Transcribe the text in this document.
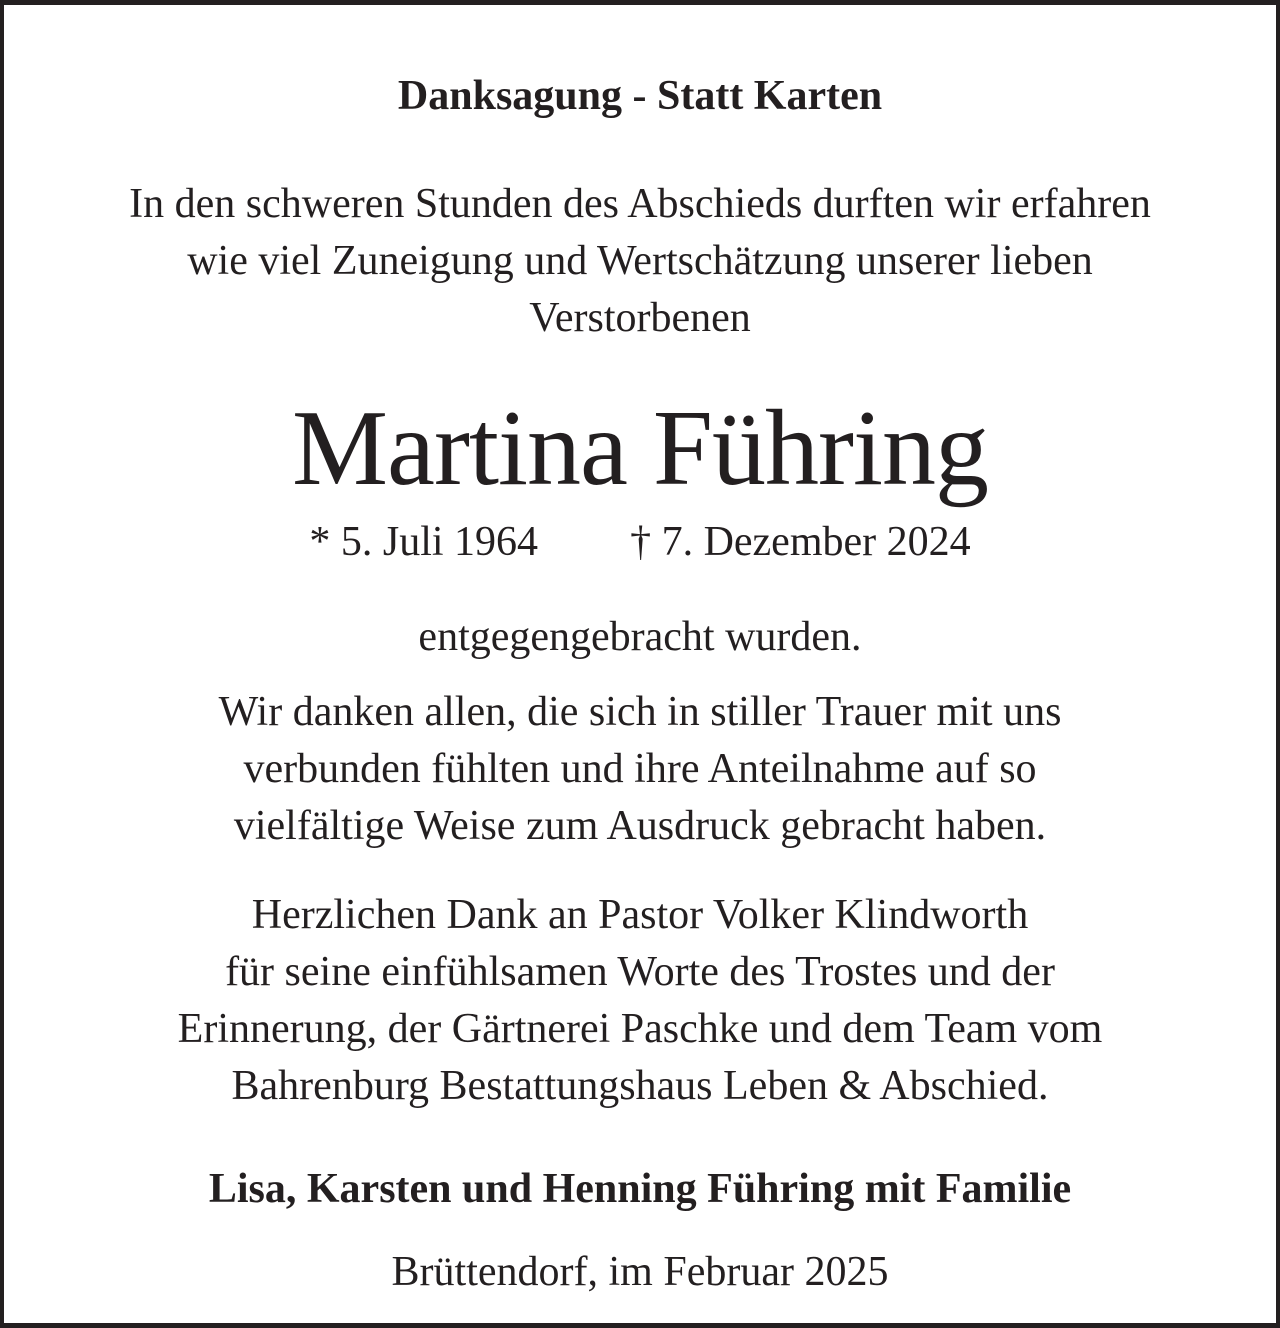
Danksagung - Statt Karten
In den schweren Stunden des Abschieds durften wir erfahren
wie viel Zuneigung und Wertschätzung unserer lieben
Verstorbenen
Martina Führing
* 5. Juli 1964 † 7. Dezember 2024
entgegengebracht wurden.
Wir danken allen, die sich in stiller Trauer mit uns
verbunden fühlten und ihre Anteilnahme auf so
vielfältige Weise zum Ausdruck gebracht haben.
Herzlichen Dank an Pastor Volker Klindworth
für seine einfühlsamen Worte des Trostes und der
Erinnerung, der Gärtnerei Paschke und dem Team vom
Bahrenburg Bestattungshaus Leben & Abschied.
Lisa, Karsten und Henning Führing mit Familie
Brüttendorf, im Februar 2025
